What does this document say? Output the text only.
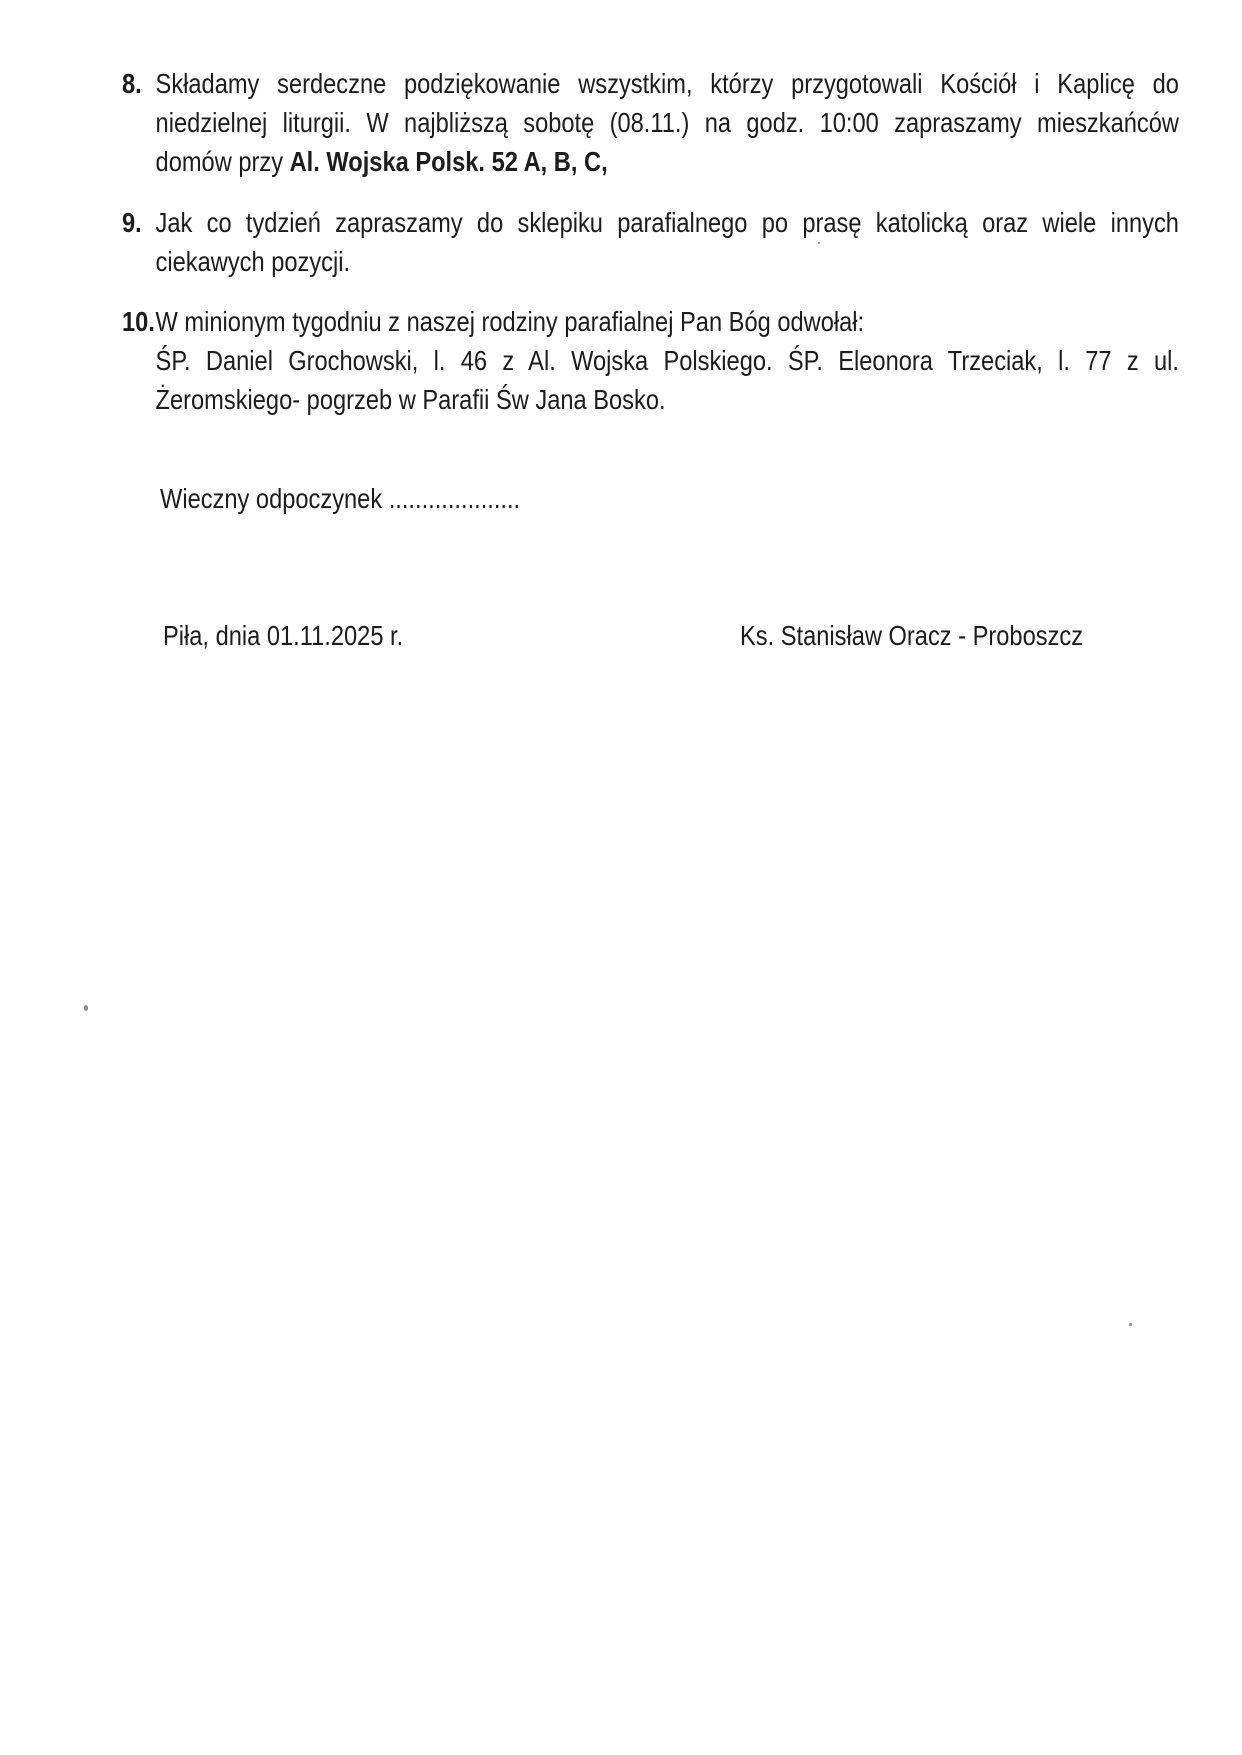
8. Składamy serdeczne podziękowanie wszystkim, którzy przygotowali Kościół i Kaplicę do
niedzielnej liturgii. W najbliższą sobotę (08.11.) na godz. 10:00 zapraszamy mieszkańców
domów przy Al. Wojska Polsk. 52 A, B, C,
9. Jak co tydzień zapraszamy do sklepiku parafialnego po prasę katolicką oraz wiele innych
ciekawych pozycji.
10. W minionym tygodniu z naszej rodziny parafialnej Pan Bóg odwołał:
ŚP. Daniel Grochowski, l. 46 z Al. Wojska Polskiego. ŚP. Eleonora Trzeciak, l. 77 z ul.
Żeromskiego- pogrzeb w Parafii Św Jana Bosko.
Wieczny odpoczynek ....................
Piła, dnia 01.11.2025 r.	Ks. Stanisław Oracz - Proboszcz
